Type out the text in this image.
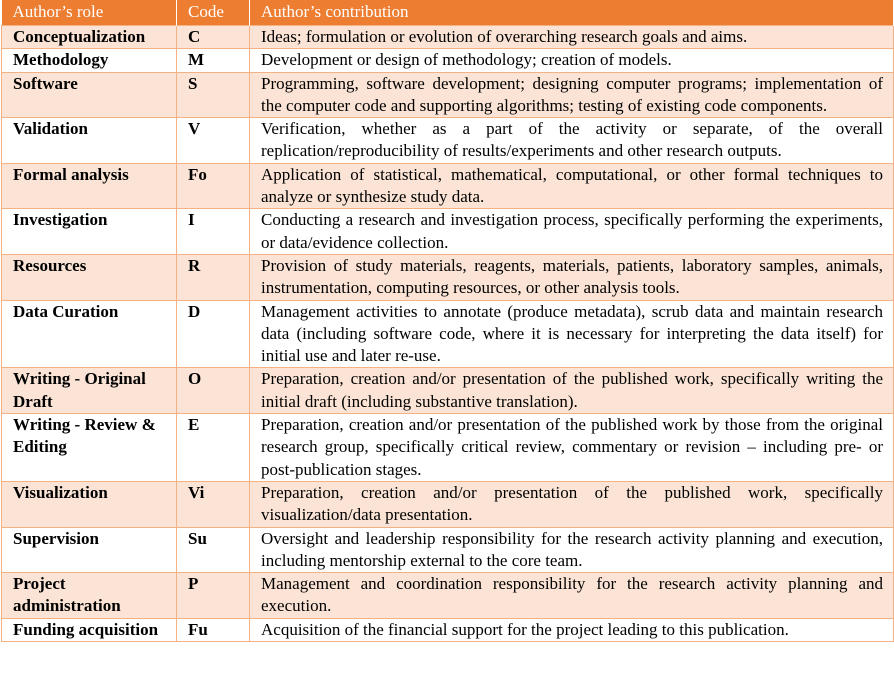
Author’s role	Code	Author’s contribution
Conceptualization	C	Ideas; formulation or evolution of overarching research goals and aims.
Methodology	M	Development or design of methodology; creation of models.
Software	S	Programming, software development; designing computer programs; implementation of the computer code and supporting algorithms; testing of existing code components.
Validation	V	Verification, whether as a part of the activity or separate, of the overall replication/reproducibility of results/experiments and other research outputs.
Formal analysis	Fo	Application of statistical, mathematical, computational, or other formal techniques to analyze or synthesize study data.
Investigation	I	Conducting a research and investigation process, specifically performing the experiments, or data/evidence collection.
Resources	R	Provision of study materials, reagents, materials, patients, laboratory samples, animals, instrumentation, computing resources, or other analysis tools.
Data Curation	D	Management activities to annotate (produce metadata), scrub data and maintain research data (including software code, where it is necessary for interpreting the data itself) for initial use and later re-use.
Writing - Original Draft	O	Preparation, creation and/or presentation of the published work, specifically writing the initial draft (including substantive translation).
Writing - Review & Editing	E	Preparation, creation and/or presentation of the published work by those from the original research group, specifically critical review, commentary or revision – including pre- or post-publication stages.
Visualization	Vi	Preparation, creation and/or presentation of the published work, specifically visualization/data presentation.
Supervision	Su	Oversight and leadership responsibility for the research activity planning and execution, including mentorship external to the core team.
Project administration	P	Management and coordination responsibility for the research activity planning and execution.
Funding acquisition	Fu	Acquisition of the financial support for the project leading to this publication.
